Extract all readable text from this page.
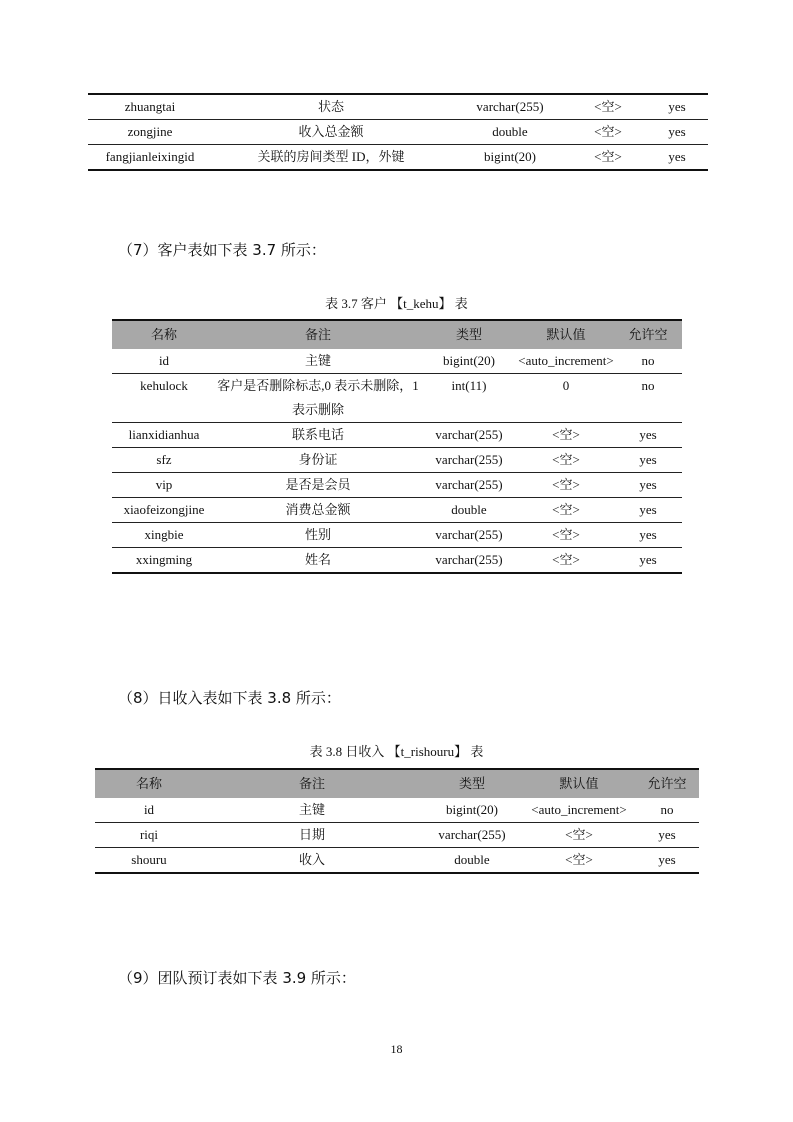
zhuangtai	状态	varchar(255)	<空>	yes
zongjine	收入总金额	double	<空>	yes
fangjianleixingid	关联的房间类型 ID，外键	bigint(20)	<空>	yes
（7）客户表如下表 3.7 所示：
表 3.7 客户 【t_kehu】 表
名称	备注	类型	默认值	允许空
id	主键	bigint(20)	<auto_increment>	no
kehulock	客户是否删除标志,0 表示未删除，1 表示删除	int(11)	0	no
lianxidianhua	联系电话	varchar(255)	<空>	yes
sfz	身份证	varchar(255)	<空>	yes
vip	是否是会员	varchar(255)	<空>	yes
xiaofeizongjine	消费总金额	double	<空>	yes
xingbie	性别	varchar(255)	<空>	yes
xxingming	姓名	varchar(255)	<空>	yes
（8）日收入表如下表 3.8 所示：
表 3.8 日收入 【t_rishouru】 表
名称	备注	类型	默认值	允许空
id	主键	bigint(20)	<auto_increment>	no
riqi	日期	varchar(255)	<空>	yes
shouru	收入	double	<空>	yes
（9）团队预订表如下表 3.9 所示：
18
